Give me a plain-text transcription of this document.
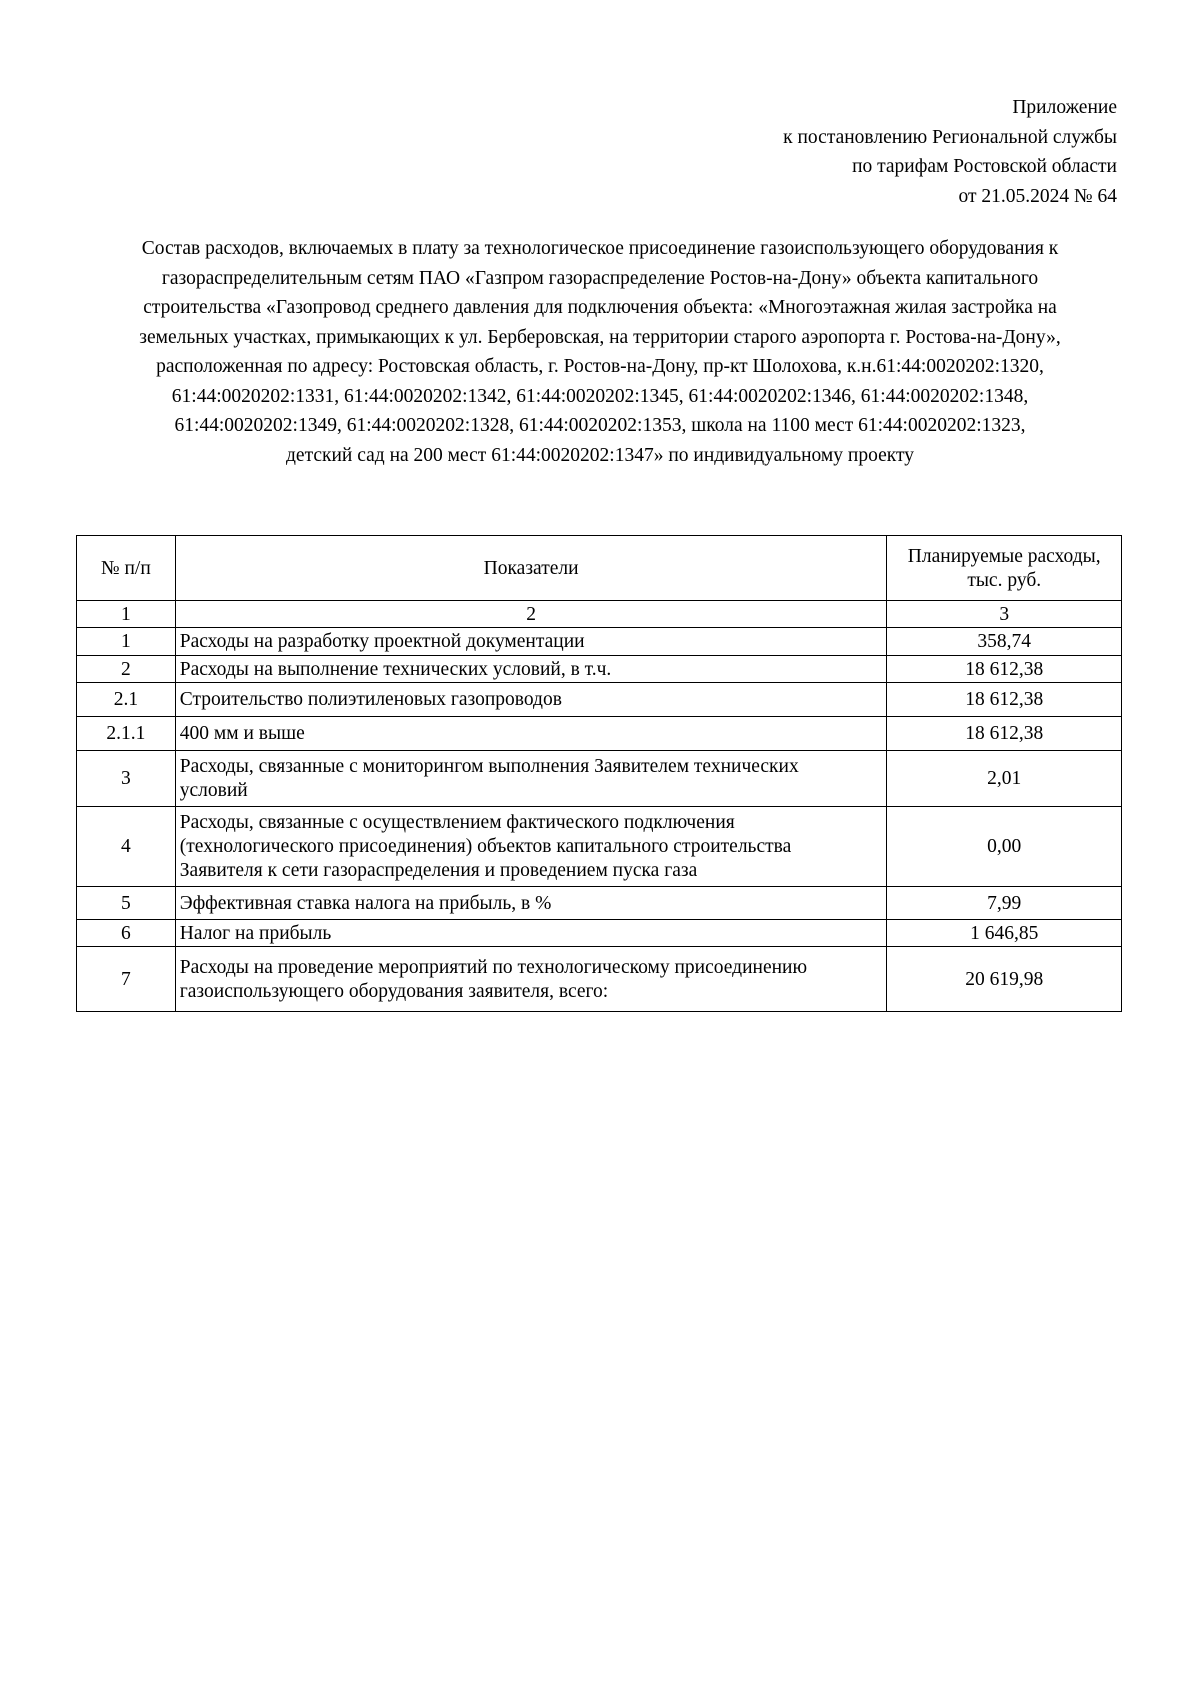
Приложение
к постановлению Региональной службы
по тарифам Ростовской области
от 21.05.2024 № 64
Состав расходов, включаемых в плату за технологическое присоединение газоиспользующего оборудования к
газораспределительным сетям ПАО «Газпром газораспределение Ростов-на-Дону» объекта капитального
строительства «Газопровод среднего давления для подключения объекта: «Многоэтажная жилая застройка на
земельных участках, примыкающих к ул. Берберовская, на территории старого аэропорта г. Ростова-на-Дону»,
расположенная по адресу: Ростовская область, г. Ростов-на-Дону, пр-кт Шолохова, к.н.61:44:0020202:1320,
61:44:0020202:1331, 61:44:0020202:1342, 61:44:0020202:1345, 61:44:0020202:1346, 61:44:0020202:1348,
61:44:0020202:1349, 61:44:0020202:1328, 61:44:0020202:1353, школа на 1100 мест 61:44:0020202:1323,
детский сад на 200 мест 61:44:0020202:1347» по индивидуальному проекту
№ п/п	Показатели	Планируемые расходы,
тыс. руб.

1	2	3
1	Расходы на разработку проектной документации	358,74
2	Расходы на выполнение технических условий, в т.ч.	18 612,38
2.1	Строительство полиэтиленовых газопроводов	18 612,38
2.1.1	400 мм и выше	18 612,38
3	Расходы, связанные с мониторингом выполнения Заявителем технических
условий	2,01
4	Расходы, связанные с осуществлением фактического подключения
(технологического присоединения) объектов капитального строительства
Заявителя к сети газораспределения и проведением пуска газа	0,00
5	Эффективная ставка налога на прибыль, в %	7,99
6	Налог на прибыль	1 646,85
7	Расходы на проведение мероприятий по технологическому присоединению
газоиспользующего оборудования заявителя, всего:	20 619,98
